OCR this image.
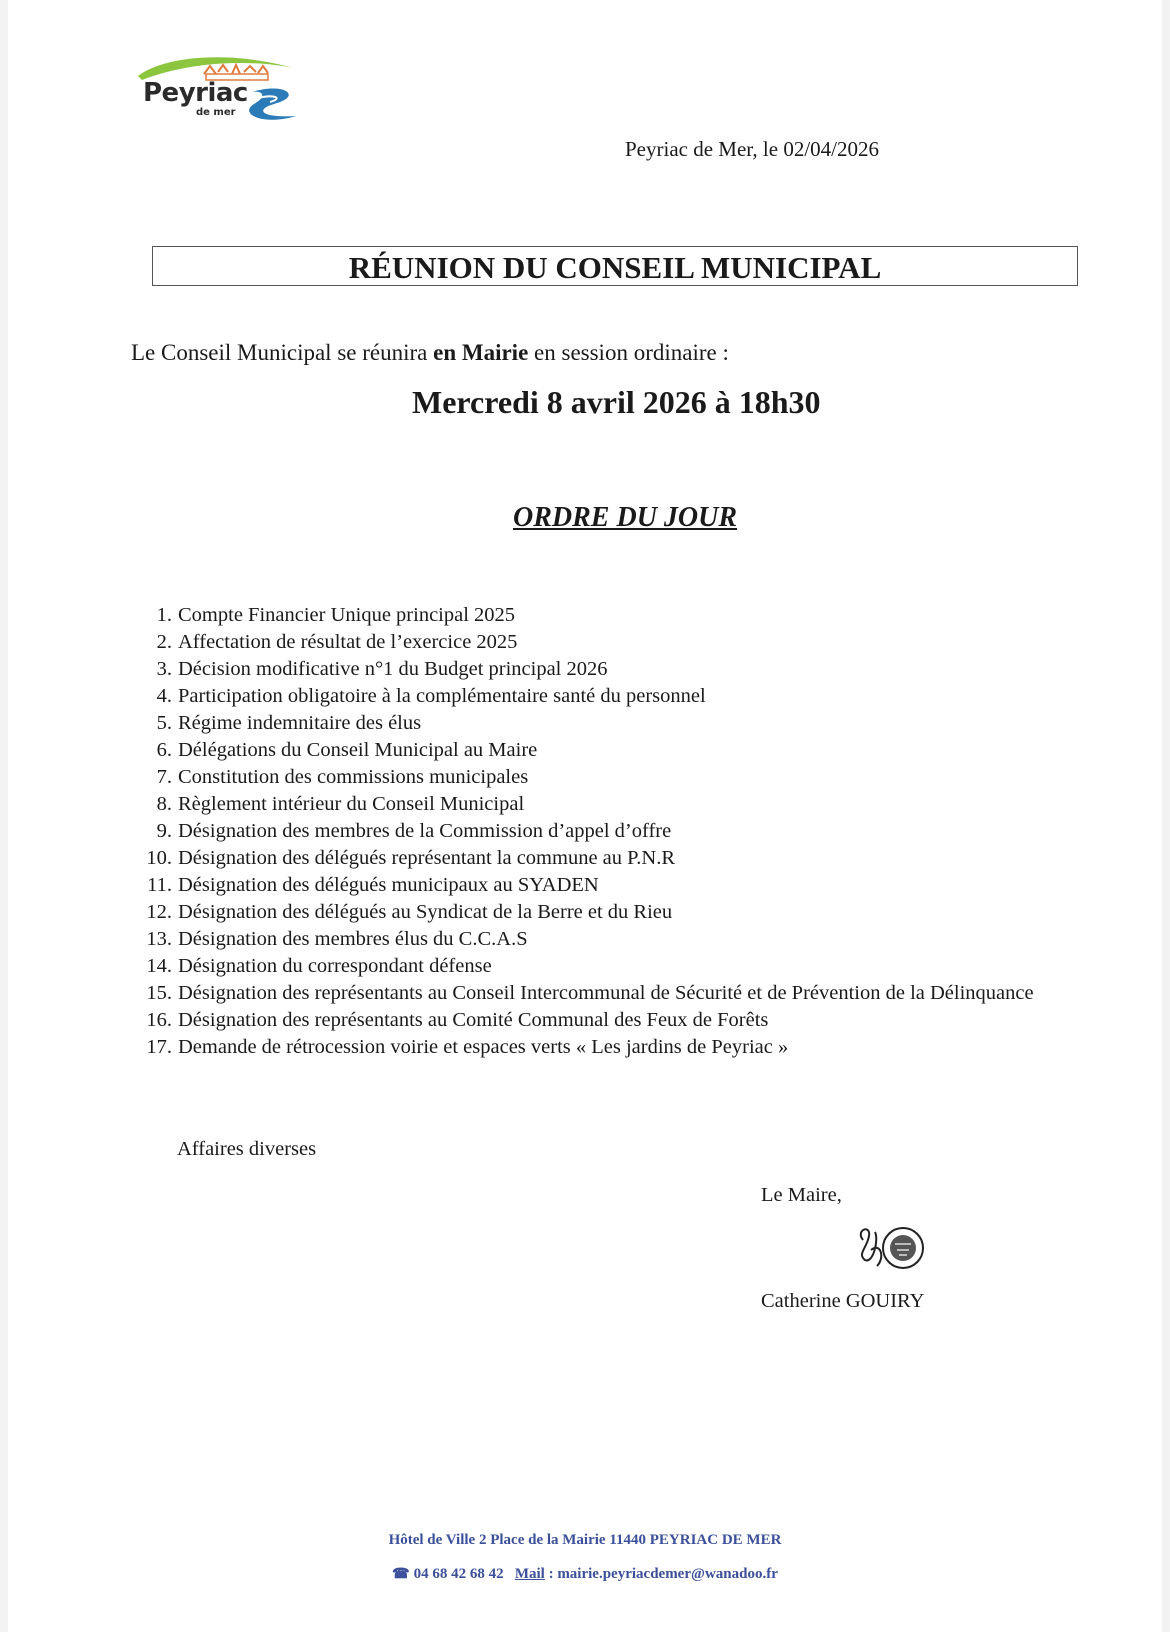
Peyriac
de mer
Peyriac de Mer, le 02/04/2026
RÉUNION DU CONSEIL MUNICIPAL
Le Conseil Municipal se réunira en Mairie en session ordinaire :
Mercredi 8 avril 2026 à 18h30
ORDRE DU JOUR
1. Compte Financier Unique principal 2025
2. Affectation de résultat de l’exercice 2025
3. Décision modificative n°1 du Budget principal 2026
4. Participation obligatoire à la complémentaire santé du personnel
5. Régime indemnitaire des élus
6. Délégations du Conseil Municipal au Maire
7. Constitution des commissions municipales
8. Règlement intérieur du Conseil Municipal
9. Désignation des membres de la Commission d’appel d’offre
10. Désignation des délégués représentant la commune au P.N.R
11. Désignation des délégués municipaux au SYADEN
12. Désignation des délégués au Syndicat de la Berre et du Rieu
13. Désignation des membres élus du C.C.A.S
14. Désignation du correspondant défense
15. Désignation des représentants au Conseil Intercommunal de Sécurité et de Prévention de la Délinquance
16. Désignation des représentants au Comité Communal des Feux de Forêts
17. Demande de rétrocession voirie et espaces verts « Les jardins de Peyriac »
Affaires diverses
Le Maire,
Catherine GOUIRY
Hôtel de Ville 2 Place de la Mairie 11440 PEYRIAC DE MER
☎ 04 68 42 68 42 Mail : mairie.peyriacdemer@wanadoo.fr
